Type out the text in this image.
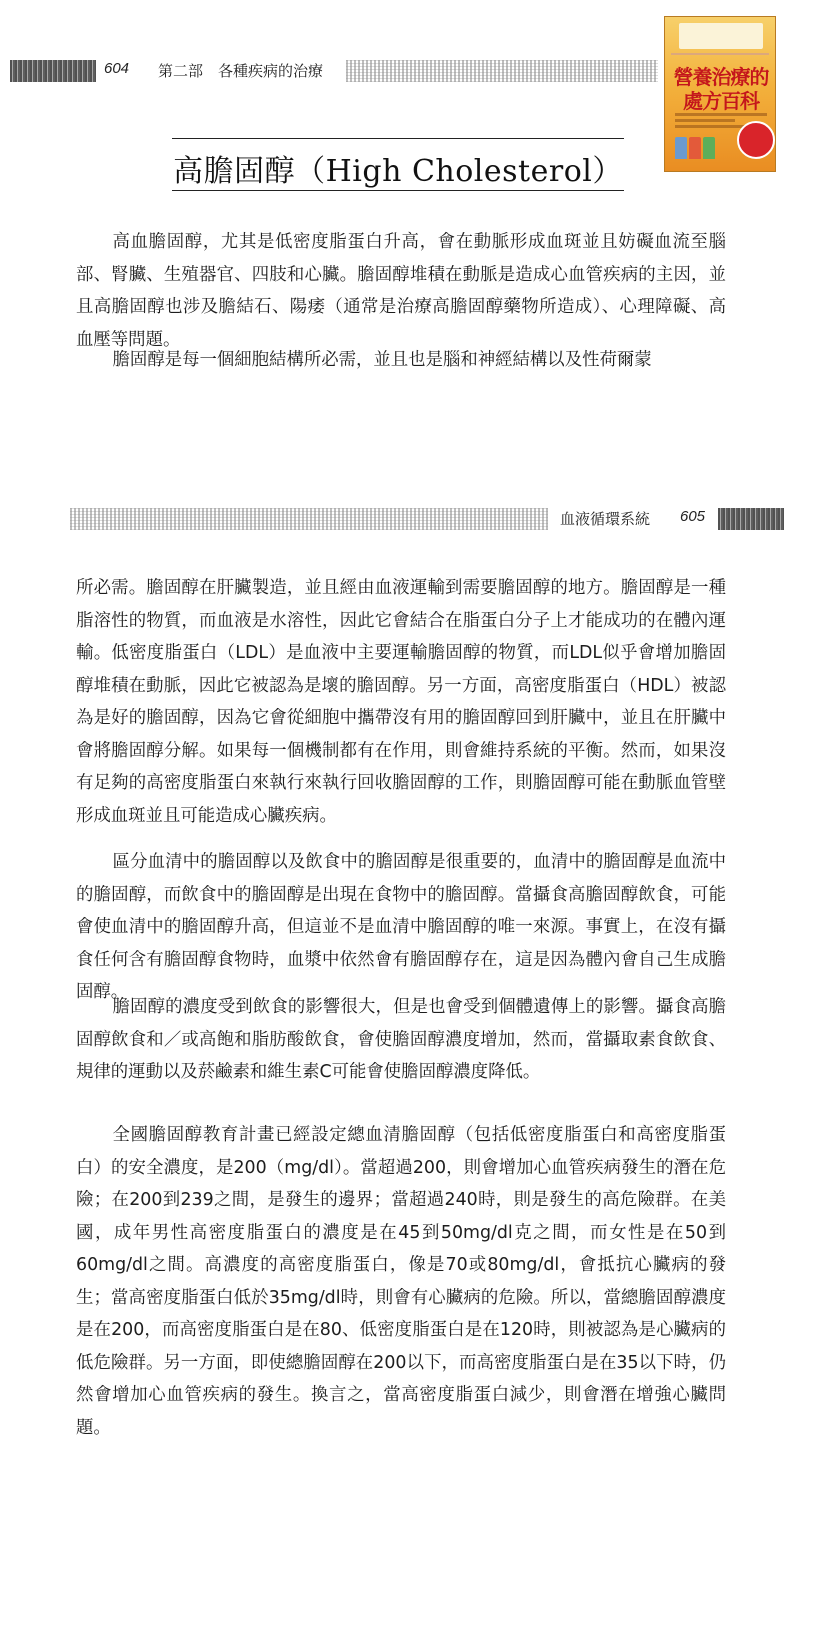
604 第二部　各種疾病的治療	營養治療的
處方百科
高膽固醇（High Cholesterol）

高血膽固醇，尤其是低密度脂蛋白升高，會在動脈形成血斑並且妨礙血流至腦部、腎臟、生殖器官、四肢和心臟。膽固醇堆積在動脈是造成心血管疾病的主因，並且高膽固醇也涉及膽結石、陽痿（通常是治療高膽固醇藥物所造成）、心理障礙、高血壓等問題。

膽固醇是每一個細胞結構所必需，並且也是腦和神經結構以及性荷爾蒙

血液循環系統 605

所必需。膽固醇在肝臟製造，並且經由血液運輸到需要膽固醇的地方。膽固醇是一種脂溶性的物質，而血液是水溶性，因此它會結合在脂蛋白分子上才能成功的在體內運輸。低密度脂蛋白（LDL）是血液中主要運輸膽固醇的物質，而LDL似乎會增加膽固醇堆積在動脈，因此它被認為是壞的膽固醇。另一方面，高密度脂蛋白（HDL）被認為是好的膽固醇，因為它會從細胞中攜帶沒有用的膽固醇回到肝臟中，並且在肝臟中會將膽固醇分解。如果每一個機制都有在作用，則會維持系統的平衡。然而，如果沒有足夠的高密度脂蛋白來執行來執行回收膽固醇的工作，則膽固醇可能在動脈血管壁形成血斑並且可能造成心臟疾病。

區分血清中的膽固醇以及飲食中的膽固醇是很重要的，血清中的膽固醇是血流中的膽固醇，而飲食中的膽固醇是出現在食物中的膽固醇。當攝食高膽固醇飲食，可能會使血清中的膽固醇升高，但這並不是血清中膽固醇的唯一來源。事實上，在沒有攝食任何含有膽固醇食物時，血漿中依然會有膽固醇存在，這是因為體內會自己生成膽固醇。

膽固醇的濃度受到飲食的影響很大，但是也會受到個體遺傳上的影響。攝食高膽固醇飲食和／或高飽和脂肪酸飲食，會使膽固醇濃度增加，然而，當攝取素食飲食、規律的運動以及菸鹼素和維生素C可能會使膽固醇濃度降低。

全國膽固醇教育計畫已經設定總血清膽固醇（包括低密度脂蛋白和高密度脂蛋白）的安全濃度，是200（mg/dl）。當超過200，則會增加心血管疾病發生的潛在危險；在200到239之間，是發生的邊界；當超過240時，則是發生的高危險群。在美國，成年男性高密度脂蛋白的濃度是在45到50mg/dl克之間，而女性是在50到60mg/dl之間。高濃度的高密度脂蛋白，像是70或80mg/dl，會抵抗心臟病的發生；當高密度脂蛋白低於35mg/dl時，則會有心臟病的危險。所以，當總膽固醇濃度是在200，而高密度脂蛋白是在80、低密度脂蛋白是在120時，則被認為是心臟病的低危險群。另一方面，即使總膽固醇在200以下，而高密度脂蛋白是在35以下時，仍然會增加心血管疾病的發生。換言之，當高密度脂蛋白減少，則會潛在增強心臟問題。
